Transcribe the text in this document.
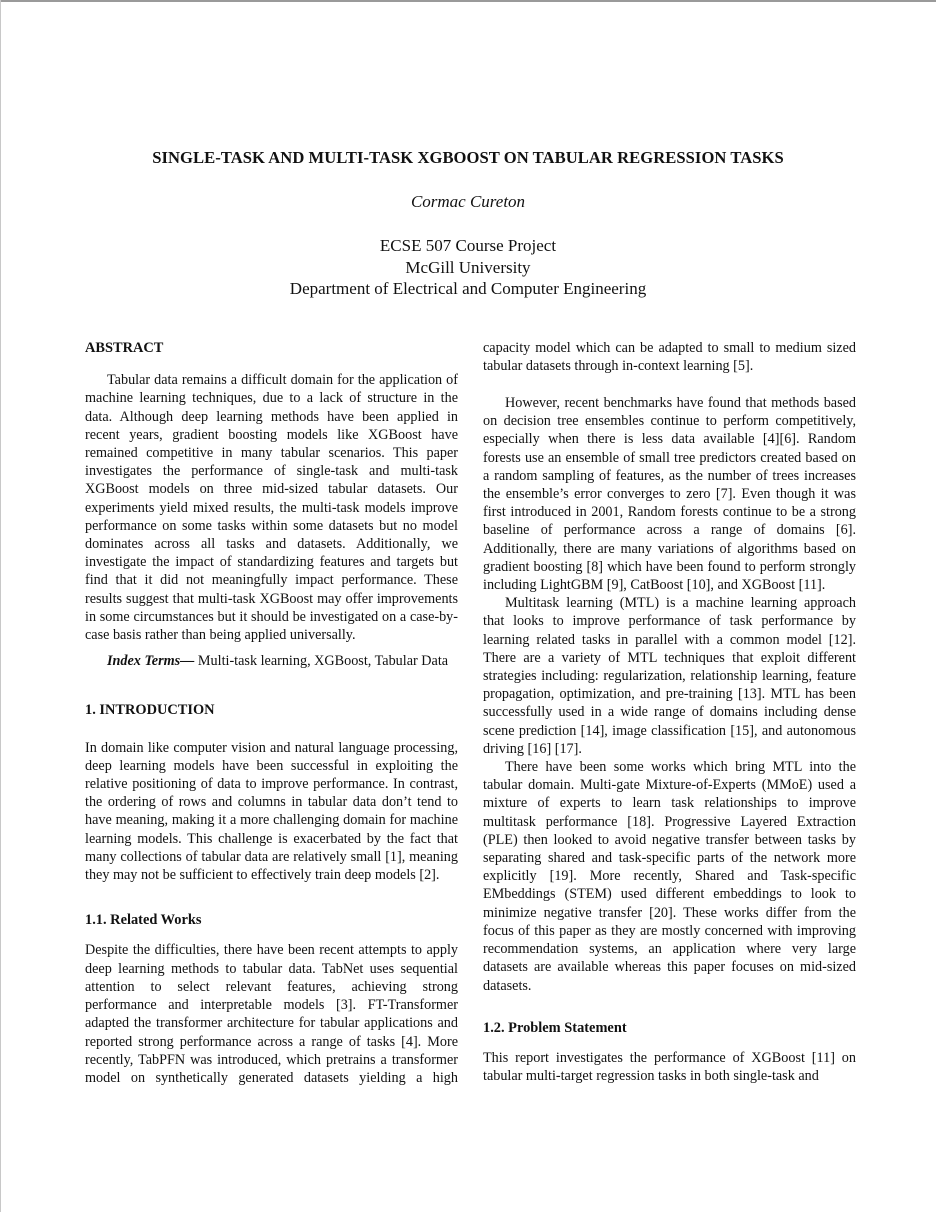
SINGLE-TASK AND MULTI-TASK XGBOOST ON TABULAR REGRESSION TASKS
Cormac Cureton
ECSE 507 Course Project
McGill University
Department of Electrical and Computer Engineering

ABSTRACT

Tabular data remains a difficult domain for the application of machine learning techniques, due to a lack of structure in the data. Although deep learning methods have been applied in recent years, gradient boosting models like XGBoost have remained competitive in many tabular scenarios. This paper investigates the performance of single-task and multi-task XGBoost models on three mid-sized tabular datasets. Our experiments yield mixed results, the multi-task models improve performance on some tasks within some datasets but no model dominates across all tasks and datasets. Additionally, we investigate the impact of standardizing features and targets but find that it did not meaningfully impact performance. These results suggest that multi-task XGBoost may offer improvements in some circumstances but it should be investigated on a case-by-case basis rather than being applied universally.

Index Terms— Multi-task learning, XGBoost, Tabular Data

1. INTRODUCTION

In domain like computer vision and natural language processing, deep learning models have been successful in exploiting the relative positioning of data to improve performance. In contrast, the ordering of rows and columns in tabular data don’t tend to have meaning, making it a more challenging domain for machine learning models. This challenge is exacerbated by the fact that many collections of tabular data are relatively small [1], meaning they may not be sufficient to effectively train deep models [2].

1.1. Related Works

Despite the difficulties, there have been recent attempts to apply deep learning methods to tabular data. TabNet uses sequential attention to select relevant features, achieving strong performance and interpretable models [3]. FT-Transformer adapted the transformer architecture for tabular applications and reported strong performance across a range of tasks [4]. More recently, TabPFN was introduced, which pretrains a transformer model on synthetically generated datasets yielding a high

capacity model which can be adapted to small to medium sized tabular datasets through in-context learning [5].

However, recent benchmarks have found that methods based on decision tree ensembles continue to perform competitively, especially when there is less data available [4][6]. Random forests use an ensemble of small tree predictors created based on a random sampling of features, as the number of trees increases the ensemble’s error converges to zero [7]. Even though it was first introduced in 2001, Random forests continue to be a strong baseline of performance across a range of domains [6]. Additionally, there are many variations of algorithms based on gradient boosting [8] which have been found to perform strongly including LightGBM [9], CatBoost [10], and XGBoost [11].

Multitask learning (MTL) is a machine learning approach that looks to improve performance of task performance by learning related tasks in parallel with a common model [12]. There are a variety of MTL techniques that exploit different strategies including: regularization, relationship learning, feature propagation, optimization, and pre-training [13]. MTL has been successfully used in a wide range of domains including dense scene prediction [14], image classification [15], and autonomous driving [16] [17].

There have been some works which bring MTL into the tabular domain. Multi-gate Mixture-of-Experts (MMoE) used a mixture of experts to learn task relationships to improve multitask performance [18]. Progressive Layered Extraction (PLE) then looked to avoid negative transfer between tasks by separating shared and task-specific parts of the network more explicitly [19]. More recently, Shared and Task-specific EMbeddings (STEM) used different embeddings to look to minimize negative transfer [20]. These works differ from the focus of this paper as they are mostly concerned with improving recommendation systems, an application where very large datasets are available whereas this paper focuses on mid-sized datasets.

1.2. Problem Statement

This report investigates the performance of XGBoost [11] on tabular multi-target regression tasks in both single-task and
